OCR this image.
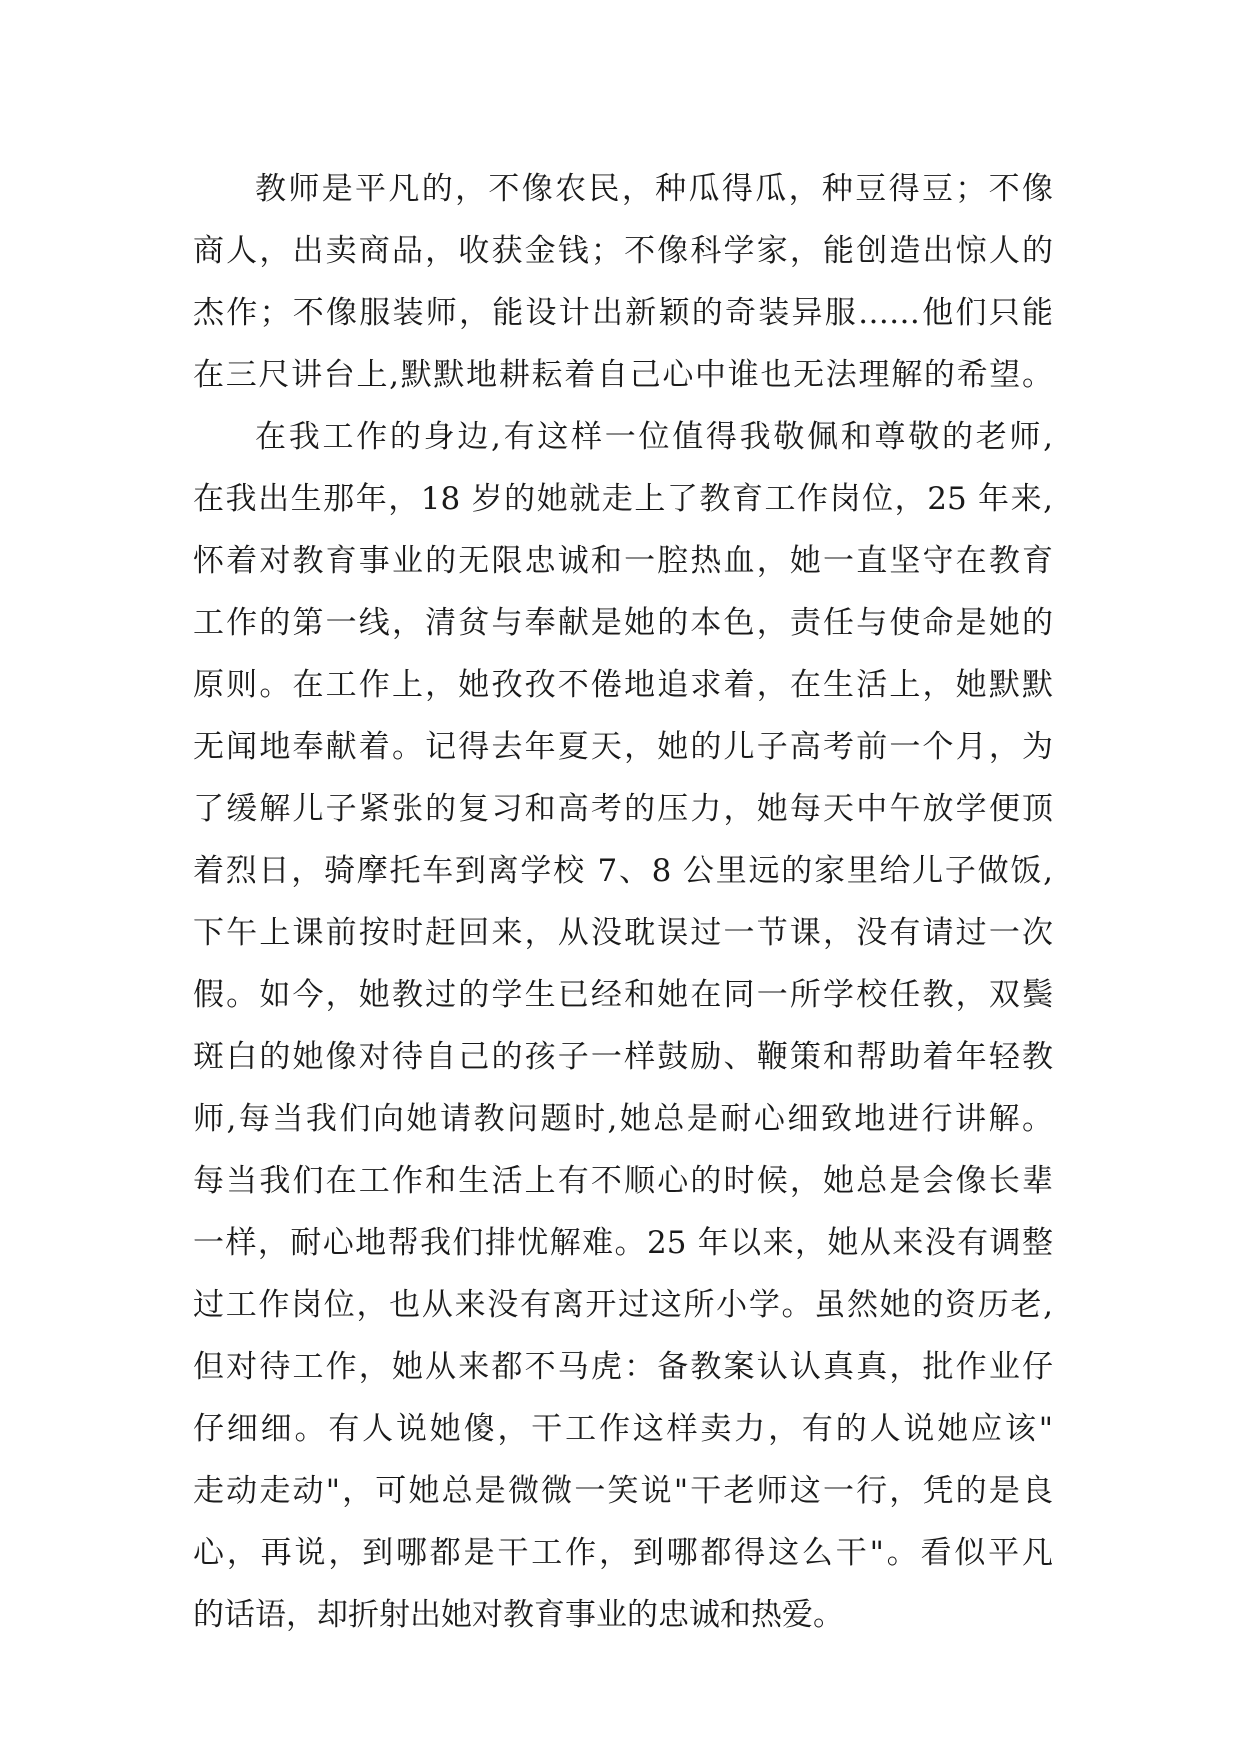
教师是平凡的，不像农民，种瓜得瓜，种豆得豆；不像
商人，出卖商品，收获金钱；不像科学家，能创造出惊人的
杰作；不像服装师，能设计出新颖的奇装异服……他们只能
在三尺讲台上,默默地耕耘着自己心中谁也无法理解的希望。
在我工作的身边,有这样一位值得我敬佩和尊敬的老师,
在我出生那年，18 岁的她就走上了教育工作岗位，25 年来,
怀着对教育事业的无限忠诚和一腔热血，她一直坚守在教育
工作的第一线，清贫与奉献是她的本色，责任与使命是她的
原则。在工作上，她孜孜不倦地追求着，在生活上，她默默
无闻地奉献着。记得去年夏天，她的儿子高考前一个月，为
了缓解儿子紧张的复习和高考的压力，她每天中午放学便顶
着烈日，骑摩托车到离学校 7、8 公里远的家里给儿子做饭,
下午上课前按时赶回来，从没耽误过一节课，没有请过一次
假。如今，她教过的学生已经和她在同一所学校任教，双鬓
斑白的她像对待自己的孩子一样鼓励、鞭策和帮助着年轻教
师,每当我们向她请教问题时,她总是耐心细致地进行讲解。
每当我们在工作和生活上有不顺心的时候，她总是会像长辈
一样，耐心地帮我们排忧解难。25 年以来，她从来没有调整
过工作岗位，也从来没有离开过这所小学。虽然她的资历老,
但对待工作，她从来都不马虎：备教案认认真真，批作业仔
仔细细。有人说她傻，干工作这样卖力，有的人说她应该"
走动走动"，可她总是微微一笑说"干老师这一行，凭的是良
心，再说，到哪都是干工作，到哪都得这么干"。看似平凡
的话语，却折射出她对教育事业的忠诚和热爱。
